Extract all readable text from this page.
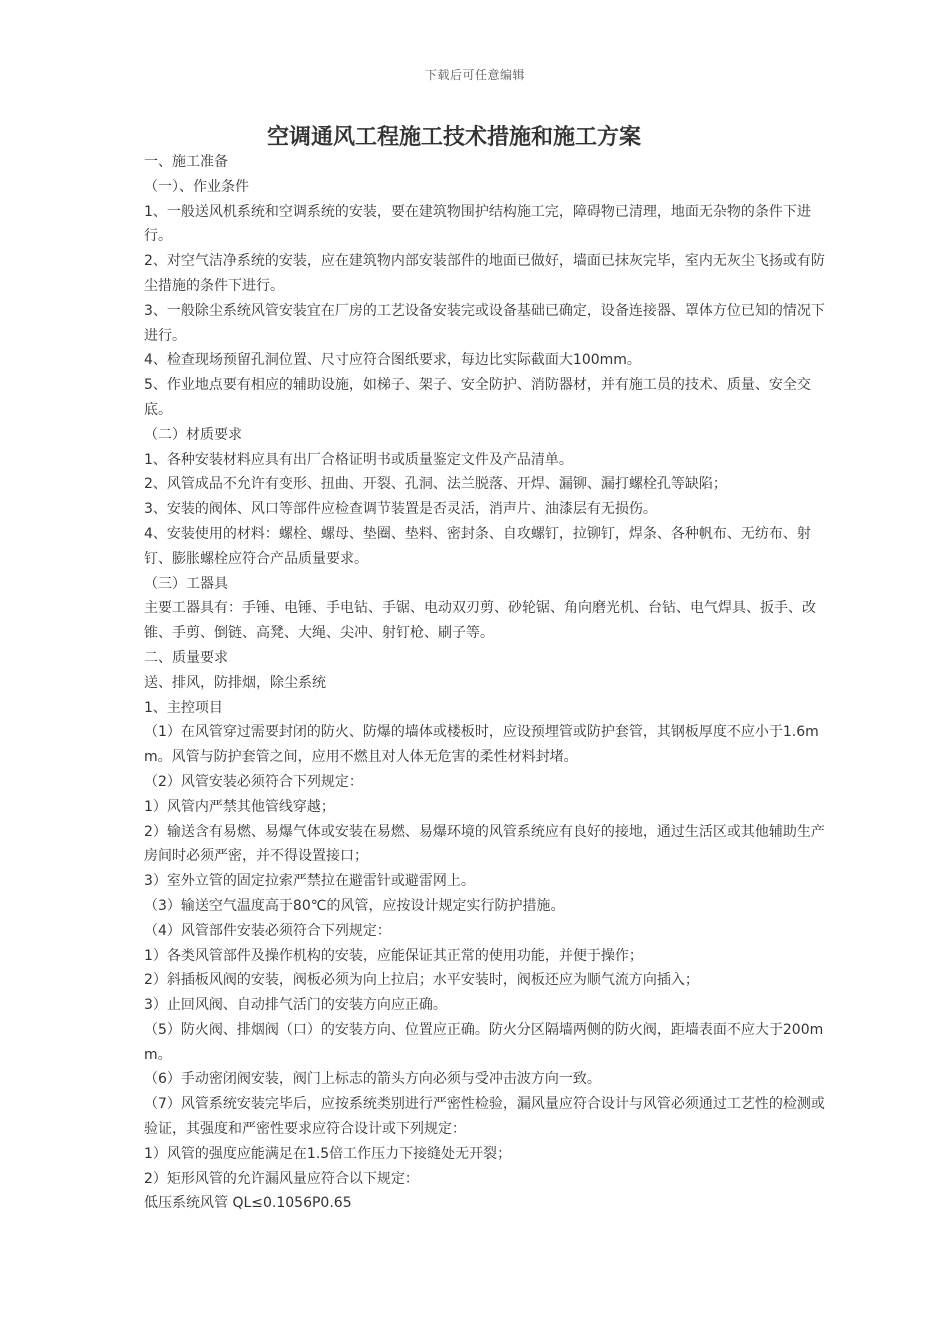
下载后可任意编辑
空调通风工程施工技术措施和施工方案

一、施工准备

（一）、作业条件

1、一般送风机系统和空调系统的安装，要在建筑物围护结构施工完，障碍物已清理，地面无杂物的条件下进行。

2、对空气洁净系统的安装，应在建筑物内部安装部件的地面已做好，墙面已抹灰完毕，室内无灰尘飞扬或有防尘措施的条件下进行。

3、一般除尘系统风管安装宜在厂房的工艺设备安装完或设备基础已确定，设备连接器、罩体方位已知的情况下进行。

4、检查现场预留孔洞位置、尺寸应符合图纸要求，每边比实际截面大100mm。

5、作业地点要有相应的辅助设施，如梯子、架子、安全防护、消防器材，并有施工员的技术、质量、安全交底。

（二）材质要求

1、各种安装材料应具有出厂合格证明书或质量鉴定文件及产品清单。

2、风管成品不允许有变形、扭曲、开裂、孔洞、法兰脱落、开焊、漏铆、漏打螺栓孔等缺陷；

3、安装的阀体、风口等部件应检查调节装置是否灵活，消声片、油漆层有无损伤。

4、安装使用的材料：螺栓、螺母、垫圈、垫料、密封条、自攻螺钉，拉铆钉，焊条、各种帆布、无纺布、射钉、膨胀螺栓应符合产品质量要求。

（三）工器具

主要工器具有：手锤、电锤、手电钻、手锯、电动双刃剪、砂轮锯、角向磨光机、台钻、电气焊具、扳手、改锥、手剪、倒链、高凳、大绳、尖冲、射钉枪、刷子等。

二、质量要求

送、排风，防排烟，除尘系统

1、主控项目

（1）在风管穿过需要封闭的防火、防爆的墙体或楼板时，应设预埋管或防护套管，其钢板厚度不应小于1.6mm。风管与防护套管之间，应用不燃且对人体无危害的柔性材料封堵。

（2）风管安装必须符合下列规定：

1）风管内严禁其他管线穿越；

2）输送含有易燃、易爆气体或安装在易燃、易爆环境的风管系统应有良好的接地，通过生活区或其他辅助生产房间时必须严密，并不得设置接口；

3）室外立管的固定拉索严禁拉在避雷针或避雷网上。

（3）输送空气温度高于80℃的风管，应按设计规定实行防护措施。

（4）风管部件安装必须符合下列规定：

1）各类风管部件及操作机构的安装，应能保证其正常的使用功能，并便于操作；

2）斜插板风阀的安装，阀板必须为向上拉启；水平安装时，阀板还应为顺气流方向插入；

3）止回风阀、自动排气活门的安装方向应正确。

（5）防火阀、排烟阀（口）的安装方向、位置应正确。防火分区隔墙两侧的防火阀，距墙表面不应大于200mm。

（6）手动密闭阀安装，阀门上标志的箭头方向必须与受冲击波方向一致。

（7）风管系统安装完毕后，应按系统类别进行严密性检验，漏风量应符合设计与风管必须通过工艺性的检测或验证，其强度和严密性要求应符合设计或下列规定：

1）风管的强度应能满足在1.5倍工作压力下接缝处无开裂；

2）矩形风管的允许漏风量应符合以下规定：

低压系统风管 QL≤0.1056P0.65
